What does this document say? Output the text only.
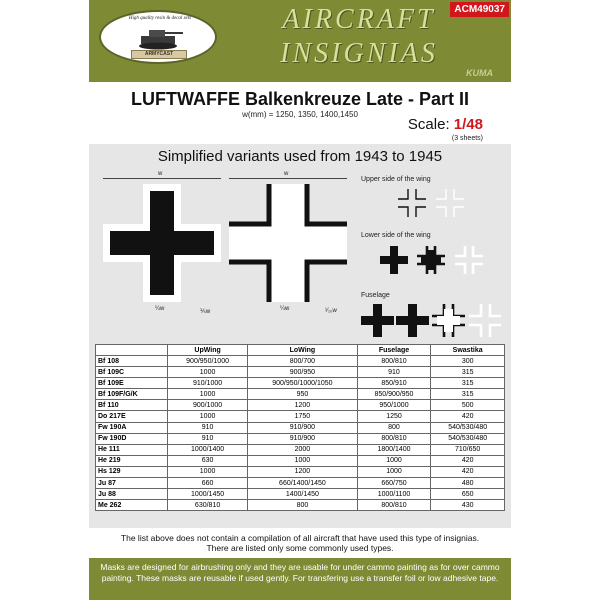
High quality resin & decal sets
ARMYCAST
AIRCRAFT
INSIGNIAS
ACM49037
KUMA
LUFTWAFFE Balkenkreuze Late - Part II
w(mm) = 1250, 1350, 1400,1450
Scale: 1/48
(3 sheets)
Simplified variants used from 1943 to 1945
w
¼w	⅕w
w
¼w	¹⁄₁₀w
Upper side of the wing
Lower side of the wing
Fuselage
	UpWing	LoWing	Fuselage	Swastika
Bf 108	900/950/1000	800/700	800/810	300
Bf 109C	1000	900/950	910	315
Bf 109E	910/1000	900/950/1000/1050	850/910	315
Bf 109F/G/K	1000	950	850/900/950	315
Bf 110	900/1000	1200	950/1000	500
Do 217E	1000	1750	1250	420
Fw 190A	910	910/900	800	540/530/480
Fw 190D	910	910/900	800/810	540/530/480
He 111	1000/1400	2000	1800/1400	710/650
He 219	630	1000	1000	420
Hs 129	1000	1200	1000	420
Ju 87	660	660/1400/1450	660/750	480
Ju 88	1000/1450	1400/1450	1000/1100	650
Me 262	630/810	800	800/810	430
The list above does not contain a compilation of all aircraft that have used this type of insignias.
There are listed only some commonly used types.
Masks are designed for airbrushing only and they are usable for under cammo painting as for over cammo painting. These masks are reusable if used gently. For transfering use a transfer foil or low adhesive tape.
